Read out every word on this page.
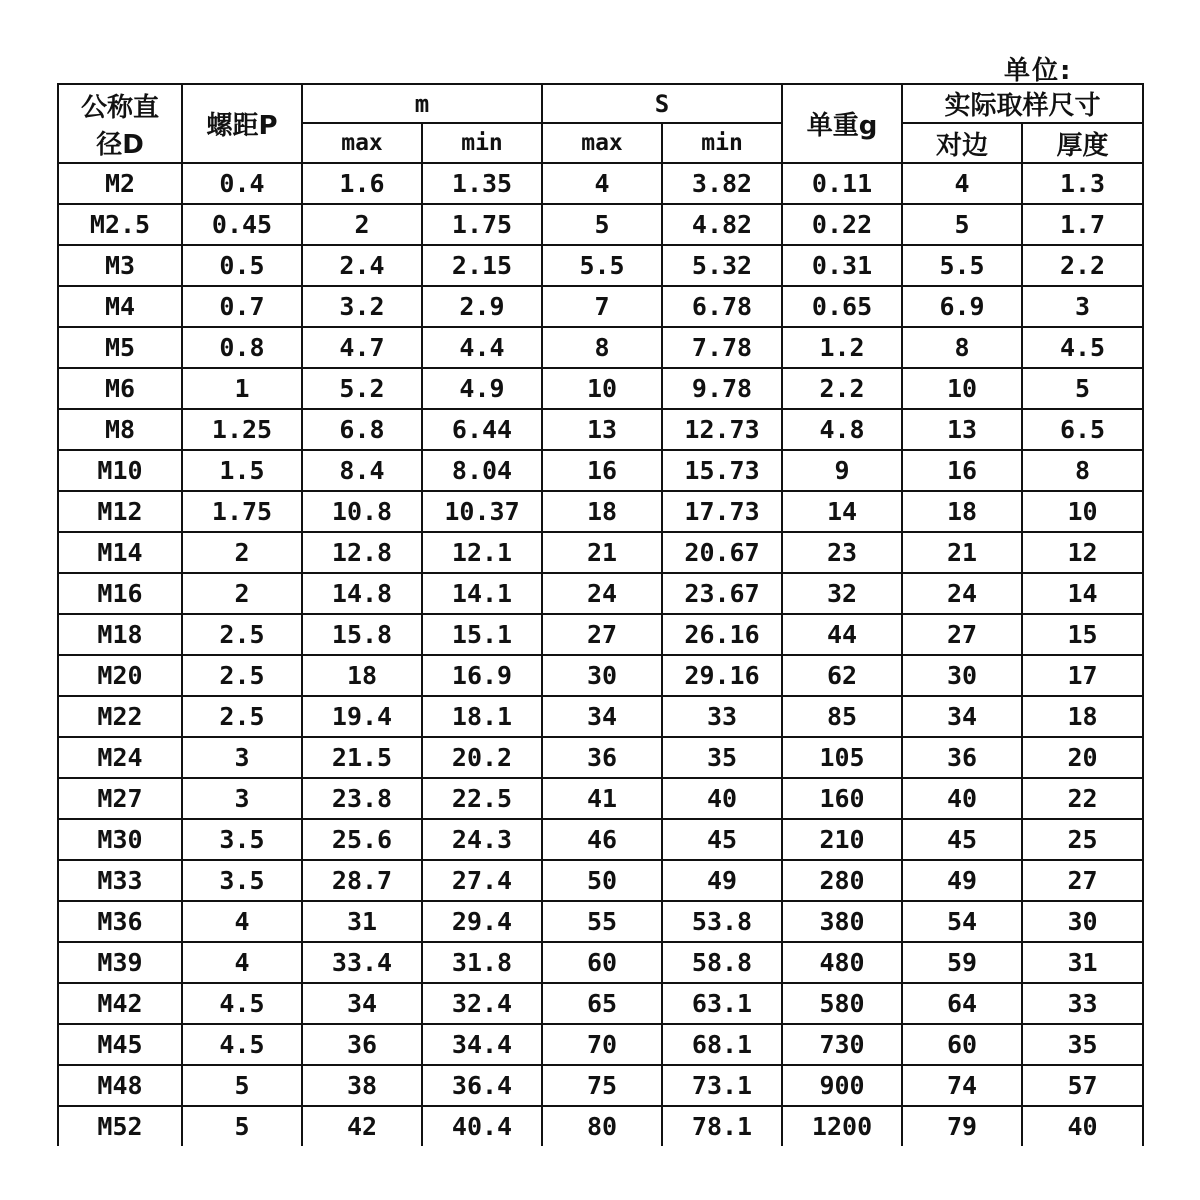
单位:
公称直
径D	螺距P	m		S		单重g	实际取样尺寸	
		max	min	max	min		对边	厚度
M2	0.4	1.6	1.35	4	3.82	0.11	4	1.3
M2.5	0.45	2	1.75	5	4.82	0.22	5	1.7
M3	0.5	2.4	2.15	5.5	5.32	0.31	5.5	2.2
M4	0.7	3.2	2.9	7	6.78	0.65	6.9	3
M5	0.8	4.7	4.4	8	7.78	1.2	8	4.5
M6	1	5.2	4.9	10	9.78	2.2	10	5
M8	1.25	6.8	6.44	13	12.73	4.8	13	6.5
M10	1.5	8.4	8.04	16	15.73	9	16	8
M12	1.75	10.8	10.37	18	17.73	14	18	10
M14	2	12.8	12.1	21	20.67	23	21	12
M16	2	14.8	14.1	24	23.67	32	24	14
M18	2.5	15.8	15.1	27	26.16	44	27	15
M20	2.5	18	16.9	30	29.16	62	30	17
M22	2.5	19.4	18.1	34	33	85	34	18
M24	3	21.5	20.2	36	35	105	36	20
M27	3	23.8	22.5	41	40	160	40	22
M30	3.5	25.6	24.3	46	45	210	45	25
M33	3.5	28.7	27.4	50	49	280	49	27
M36	4	31	29.4	55	53.8	380	54	30
M39	4	33.4	31.8	60	58.8	480	59	31
M42	4.5	34	32.4	65	63.1	580	64	33
M45	4.5	36	34.4	70	68.1	730	60	35
M48	5	38	36.4	75	73.1	900	74	57
M52	5	42	40.4	80	78.1	1200	79	40
